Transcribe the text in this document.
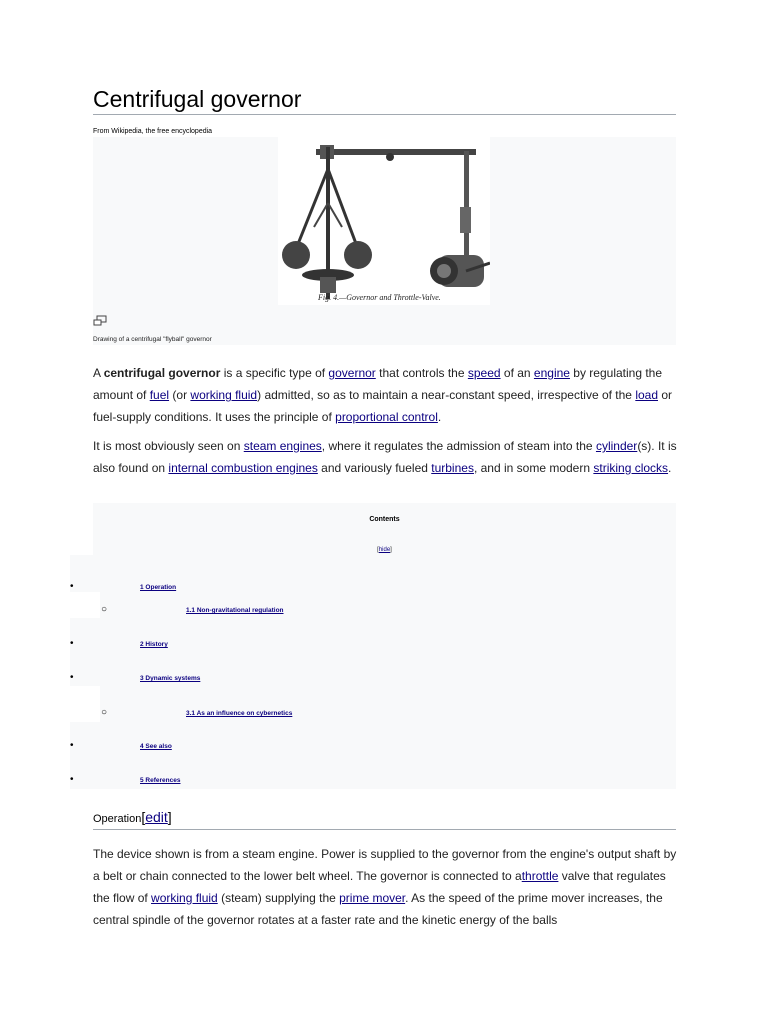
Centrifugal governor
From Wikipedia, the free encyclopedia
Fig. 4.—Governor and Throttle-Valve.
Drawing of a centrifugal "flyball" governor

A centrifugal governor is a specific type of governor that controls the speed of an engine by regulating the amount of fuel (or working fluid) admitted, so as to maintain a near-constant speed, irrespective of the load or fuel-supply conditions. It uses the principle of proportional control.

It is most obviously seen on steam engines, where it regulates the admission of steam into the cylinder(s). It is also found on internal combustion engines and variously fueled turbines, and in some modern striking clocks.

Contents
[hide]
•	1 Operation
○	1.1 Non-gravitational regulation
•	2 History
•	3 Dynamic systems
○	3.1 As an influence on cybernetics
•	4 See also
•	5 References
Operation[edit]

The device shown is from a steam engine. Power is supplied to the governor from the engine's output shaft by a belt or chain connected to the lower belt wheel. The governor is connected to athrottle valve that regulates the flow of working fluid (steam) supplying the prime mover. As the speed of the prime mover increases, the central spindle of the governor rotates at a faster rate and the kinetic energy of the balls
